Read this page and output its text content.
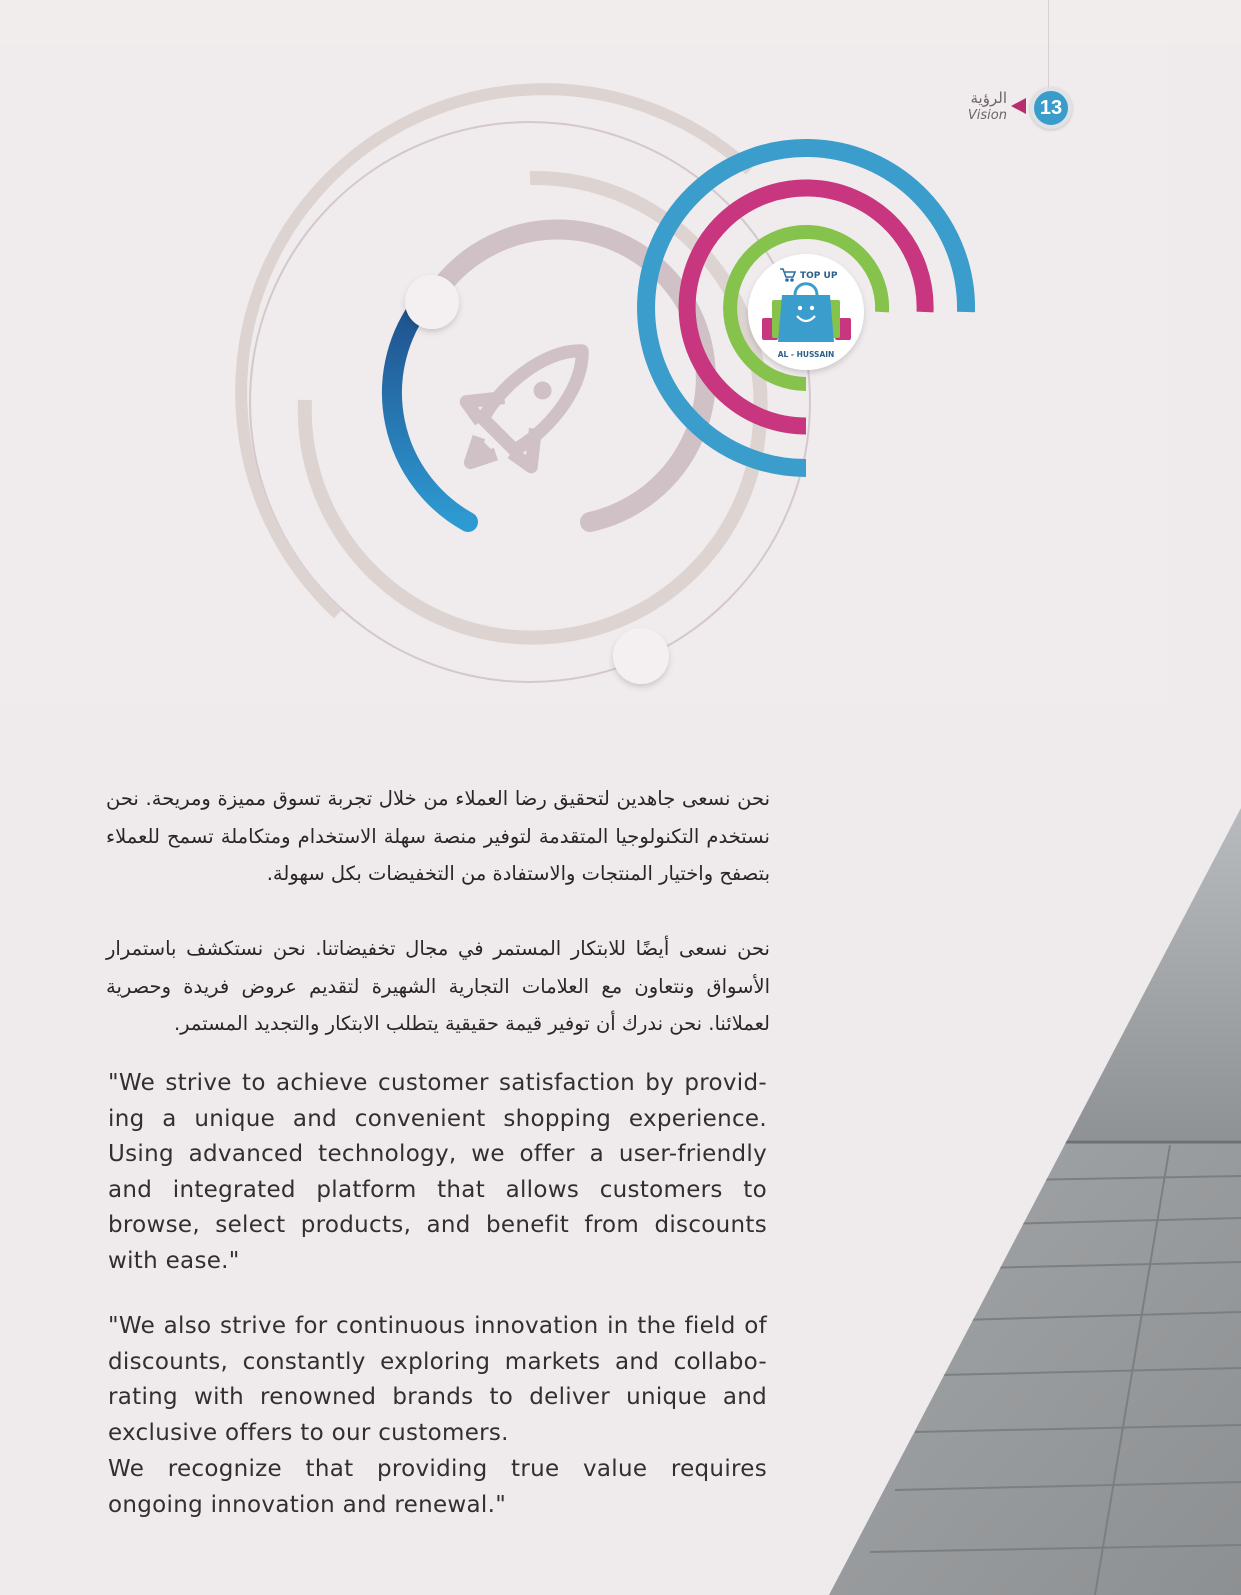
TOP UP
AL - HUSSAIN
الرؤية
Vision	13
نحن نسعى جاهدين لتحقيق رضا العملاء من خلال تجربة تسوق مميزة ومريحة. نحن نستخدم التكنولوجيا المتقدمة لتوفير منصة سهلة الاستخدام ومتكاملة تسمح للعملاء بتصفح واختيار المنتجات والاستفادة من التخفيضات بكل سهولة.
نحن نسعى أيضًا للابتكار المستمر في مجال تخفيضاتنا. نحن نستكشف باستمرار الأسواق ونتعاون مع العلامات التجارية الشهيرة لتقديم عروض فريدة وحصرية لعملائنا. نحن ندرك أن توفير قيمة حقيقية يتطلب الابتكار والتجديد المستمر.
"We strive to achieve customer satisfaction by provid-ing a unique and convenient shopping experience. Using advanced technology, we offer a user-friendly and integrated platform that allows customers to browse, select products, and benefit from discounts with ease."
"We also strive for continuous innovation in the field of discounts, constantly exploring markets and collabo-rating with renowned brands to deliver unique and exclusive offers to our customers.
We recognize that providing true value requires ongoing innovation and renewal."
